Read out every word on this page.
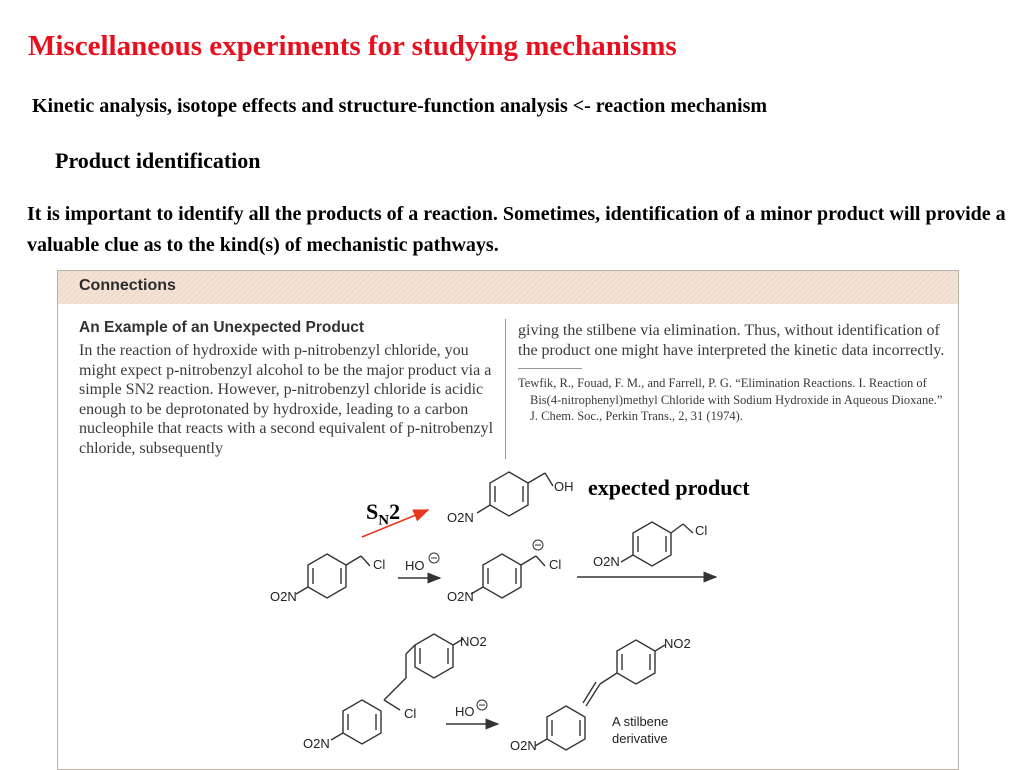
Miscellaneous experiments for studying mechanisms
Kinetic analysis, isotope effects and structure-function analysis <- reaction mechanism
Product identification
It is important to identify all the products of a reaction. Sometimes, identification of a minor product will provide a valuable clue as to the kind(s) of mechanistic pathways.
Connections
An Example of an Unexpected Product
In the reaction of hydroxide with p-nitrobenzyl chloride, you might expect p-nitrobenzyl alcohol to be the major product via a simple SN2 reaction. However, p-nitrobenzyl chloride is acidic enough to be deprotonated by hydroxide, leading to a carbon nucleophile that reacts with a second equivalent of p-nitrobenzyl chloride, subsequently
giving the stilbene via elimination. Thus, without identification of the product one might have interpreted the kinetic data incorrectly.
Tewfik, R., Fouad, F. M., and Farrell, P. G. “Elimination Reactions. I. Reaction of Bis(4-nitrophenyl)methyl Chloride with Sodium Hydroxide in Aqueous Dioxane.” J. Chem. Soc., Perkin Trans., 2, 31 (1974).
OH
O2N
Cl
O2N
HO	Cl
O2N
Cl
O2N
NO2
Cl
O2N
HO
NO2
O2N
A stilbene
derivative
expected product
$S_N2$
